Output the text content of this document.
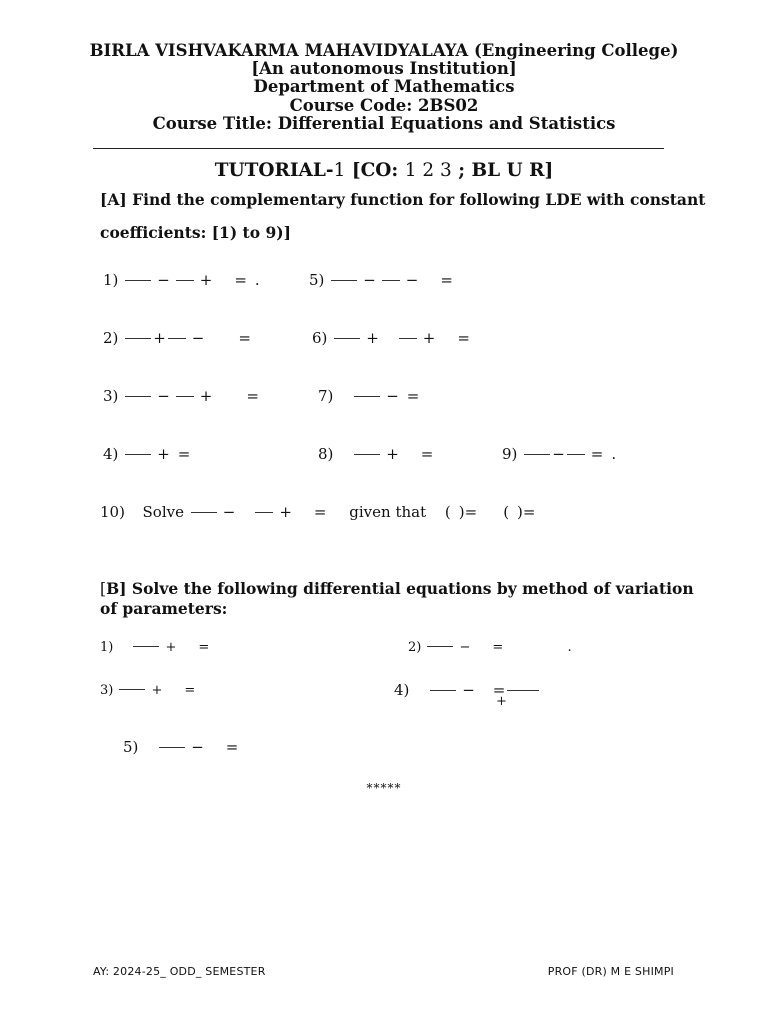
BIRLA VISHVAKARMA MAHAVIDYALAYA (Engineering College)
[An autonomous Institution]
Department of Mathematics
Course Code: 2BS02
Course Title: Differential Equations and Statistics
TUTORIAL-1 [CO: 1 2 3 ; BL U R]
[A] Find the complementary function for following LDE with constant
coefficients: [1) to 9)]
1)	− + = .	5)	− − =
2) + − =	6)	+	+ =
3)	− + =	7)	− =
4)	+ =	8)	+ =	9) − = .
10) Solve	−	+ = given that ( )= ( )=
[B] Solve the following differential equations by method of variation of parameters:
1)	+ =	2)	− =	.
3)	+ =	4)	− =
+
5)	− =
*****
AY: 2024-25_ ODD_ SEMESTER	PROF (DR) M E SHIMPI
